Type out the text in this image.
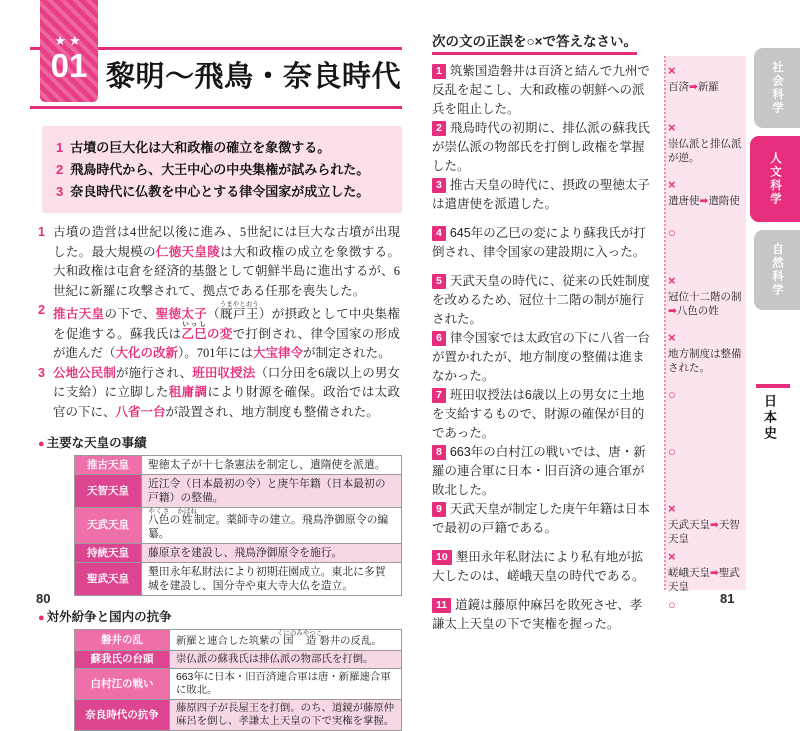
★★
01 黎明～飛鳥・奈良時代
1 古墳の巨大化は大和政権の確立を象徴する。
2 飛鳥時代から、大王中心の中央集権が試みられた。
3 奈良時代に仏教を中心とする律令国家が成立した。
1 古墳の造営は4世紀以後に進み、5世紀には巨大な古墳が出現した。最大規模の仁徳天皇陵は大和政権の成立を象徴する。大和政権は屯倉を経済的基盤として朝鮮半島に進出するが、6世紀に新羅に攻撃されて、拠点である任那を喪失した。
2 推古天皇の下で、聖徳太子（厩戸王うまやとおう）が摂政として中央集権を促進する。蘇我氏は乙巳いっしの変で打倒され、律令国家の形成が進んだ（大化の改新）。701年には大宝律令が制定された。
3 公地公民制が施行され、班田収授法（口分田を6歳以上の男女に支給）に立脚した租庸調により財源を確保。政治では太政官の下に、八省一台が設置され、地方制度も整備された。
● 主要な天皇の事績
推古天皇	聖徳太子が十七条憲法を制定し、遣隋使を派遣。
天智天皇	近江令（日本最初の令）と庚午年籍（日本最初の戸籍）の整備。
天武天皇	八色やくさの姓かばね制定。薬師寺の建立。飛鳥浄御原令の編纂。
持統天皇	藤原京を建設し、飛鳥浄御原令を施行。
聖武天皇	墾田永年私財法により初期荘園成立。東北に多賀城を建設し、国分寺や東大寺大仏を造立。
● 対外紛争と国内の抗争
磐井の乱	新羅と連合した筑紫の国造くにのみやつこ磐井の反乱。
蘇我氏の台頭	崇仏派の蘇我氏は排仏派の物部氏を打倒。
白村江の戦い	663年に日本・旧百済連合軍は唐・新羅連合軍に敗北。
奈良時代の抗争	藤原四子が長屋王を打倒。のち、道鏡が藤原仲麻呂を倒し、孝謙太上天皇の下で実権を掌握。
次の文の正誤を○×で答えなさい。
1 筑紫国造磐井は百済と結んで九州で反乱を起こし、大和政権の朝鮮への派兵を阻止した。
×
百済➡新羅
2 飛鳥時代の初期に、排仏派の蘇我氏が崇仏派の物部氏を打倒し政権を掌握した。
×
崇仏派と排仏派が逆。
3 推古天皇の時代に、摂政の聖徳太子は遣唐使を派遣した。
×
遣唐使➡遣隋使
4 645年の乙巳の変により蘇我氏が打倒され、律令国家の建設期に入った。
○
5 天武天皇の時代に、従来の氏姓制度を改めるため、冠位十二階の制が施行された。
×
冠位十二階の制➡八色の姓
6 律令国家では太政官の下に八省一台が置かれたが、地方制度の整備は進まなかった。
×
地方制度は整備された。
7 班田収授法は6歳以上の男女に土地を支給するもので、財源の確保が目的であった。
○
8 663年の白村江の戦いでは、唐・新羅の連合軍に日本・旧百済の連合軍が敗北した。
○
9 天武天皇が制定した庚午年籍は日本で最初の戸籍である。
×
天武天皇➡天智天皇
10 墾田永年私財法により私有地が拡大したのは、嵯峨天皇の時代である。
×
嵯峨天皇➡聖武天皇
11 道鏡は藤原仲麻呂を敗死させ、孝謙太上天皇の下で実権を握った。
○
80	81
社会科学
人文科学
自然科学
日本史
